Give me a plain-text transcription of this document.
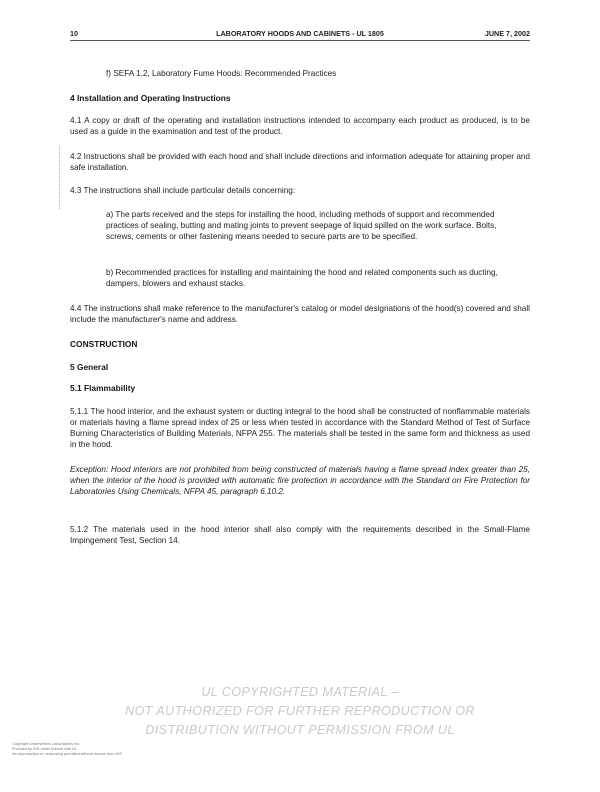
10	LABORATORY HOODS AND CABINETS - UL 1805	JUNE 7, 2002
f) SEFA 1.2, Laboratory Fume Hoods: Recommended Practices
4 Installation and Operating Instructions
4.1 A copy or draft of the operating and installation instructions intended to accompany each product as produced, is to be used as a guide in the examination and test of the product.
4.2 Instructions shall be provided with each hood and shall include directions and information adequate for attaining proper and safe installation.
4.3 The instructions shall include particular details concerning:
a) The parts received and the steps for installing the hood, including methods of support and recommended practices of sealing, butting and mating joints to prevent seepage of liquid spilled on the work surface. Bolts, screws, cements or other fastening means needed to secure parts are to be specified.
b) Recommended practices for installing and maintaining the hood and related components such as ducting, dampers, blowers and exhaust stacks.
4.4 The instructions shall make reference to the manufacturer's catalog or model designations of the hood(s) covered and shall include the manufacturer's name and address.
CONSTRUCTION
5 General
5.1 Flammability
5.1.1 The hood interior, and the exhaust system or ducting integral to the hood shall be constructed of nonflammable materials or materials having a flame spread index of 25 or less when tested in accordance with the Standard Method of Test of Surface Burning Characteristics of Building Materials, NFPA 255. The materials shall be tested in the same form and thickness as used in the hood.
Exception: Hood interiors are not prohibited from being constructed of materials having a flame spread index greater than 25, when the interior of the hood is provided with automatic fire protection in accordance with the Standard on Fire Protection for Laboratories Using Chemicals, NFPA 45, paragraph 6.10.2.
5.1.2 The materials used in the hood interior shall also comply with the requirements described in the Small-Flame Impingement Test, Section 14.
UL COPYRIGHTED MATERIAL –
NOT AUTHORIZED FOR FURTHER REPRODUCTION OR
DISTRIBUTION WITHOUT PERMISSION FROM UL
Copyright Underwriters Laboratories Inc.
Provided by IHS under license with UL
No reproduction or networking permitted without license from IHS
